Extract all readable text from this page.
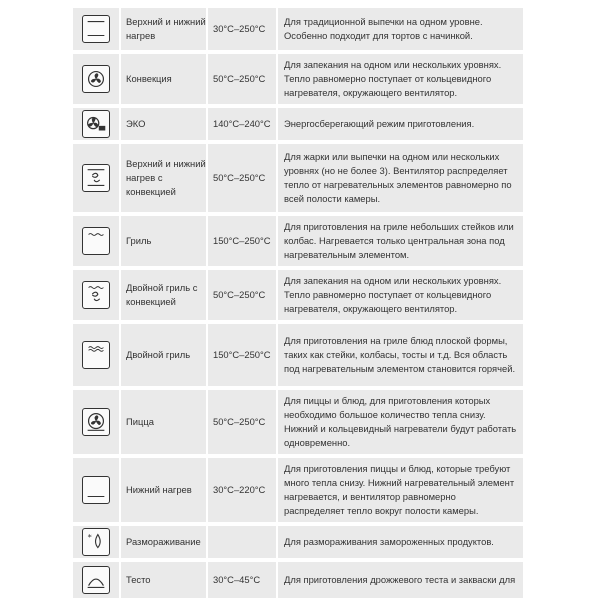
	Верхний и нижний нагрев	30°C–250°C	Для традиционной выпечки на одном уровне. Особенно подходит для тортов с начинкой.

	Конвекция	50°C–250°C	Для запекания на одном или нескольких уровнях. Тепло равномерно поступает от кольцевидного нагревателя, окружающего вентилятор.

	ЭКО	140°C–240°C	Энергосберегающий режим приготовления.

	Верхний и нижний нагрев с конвекцией	50°C–250°C	Для жарки или выпечки на одном или нескольких уровнях (но не более 3). Вентилятор распределяет тепло от нагревательных элементов равномерно по всей полости камеры.

	Гриль	150°C–250°C	Для приготовления на гриле небольших стейков или колбас. Нагревается только центральная зона под нагревательным элементом.

	Двойной гриль с конвекцией	50°C–250°C	Для запекания на одном или нескольких уровнях. Тепло равномерно поступает от кольцевидного нагревателя, окружающего вентилятор.

	Двойной гриль	150°C–250°C	Для приготовления на гриле блюд плоской формы, таких как стейки, колбасы, тосты и т.д. Вся область под нагревательным элементом становится горячей.

	Пицца	50°C–250°C	Для пиццы и блюд, для приготовления которых необходимо большое количество тепла снизу. Нижний и кольцевидный нагреватели будут работать одновременно.

	Нижний нагрев	30°C–220°C	Для приготовления пиццы и блюд, которые требуют много тепла снизу. Нижний нагревательный элемент нагревается, и вентилятор равномерно распределяет тепло вокруг полости камеры.

*	Размораживание		Для размораживания замороженных продуктов.

	Тесто	30°C–45°C	Для приготовления дрожжевого теста и закваски для
